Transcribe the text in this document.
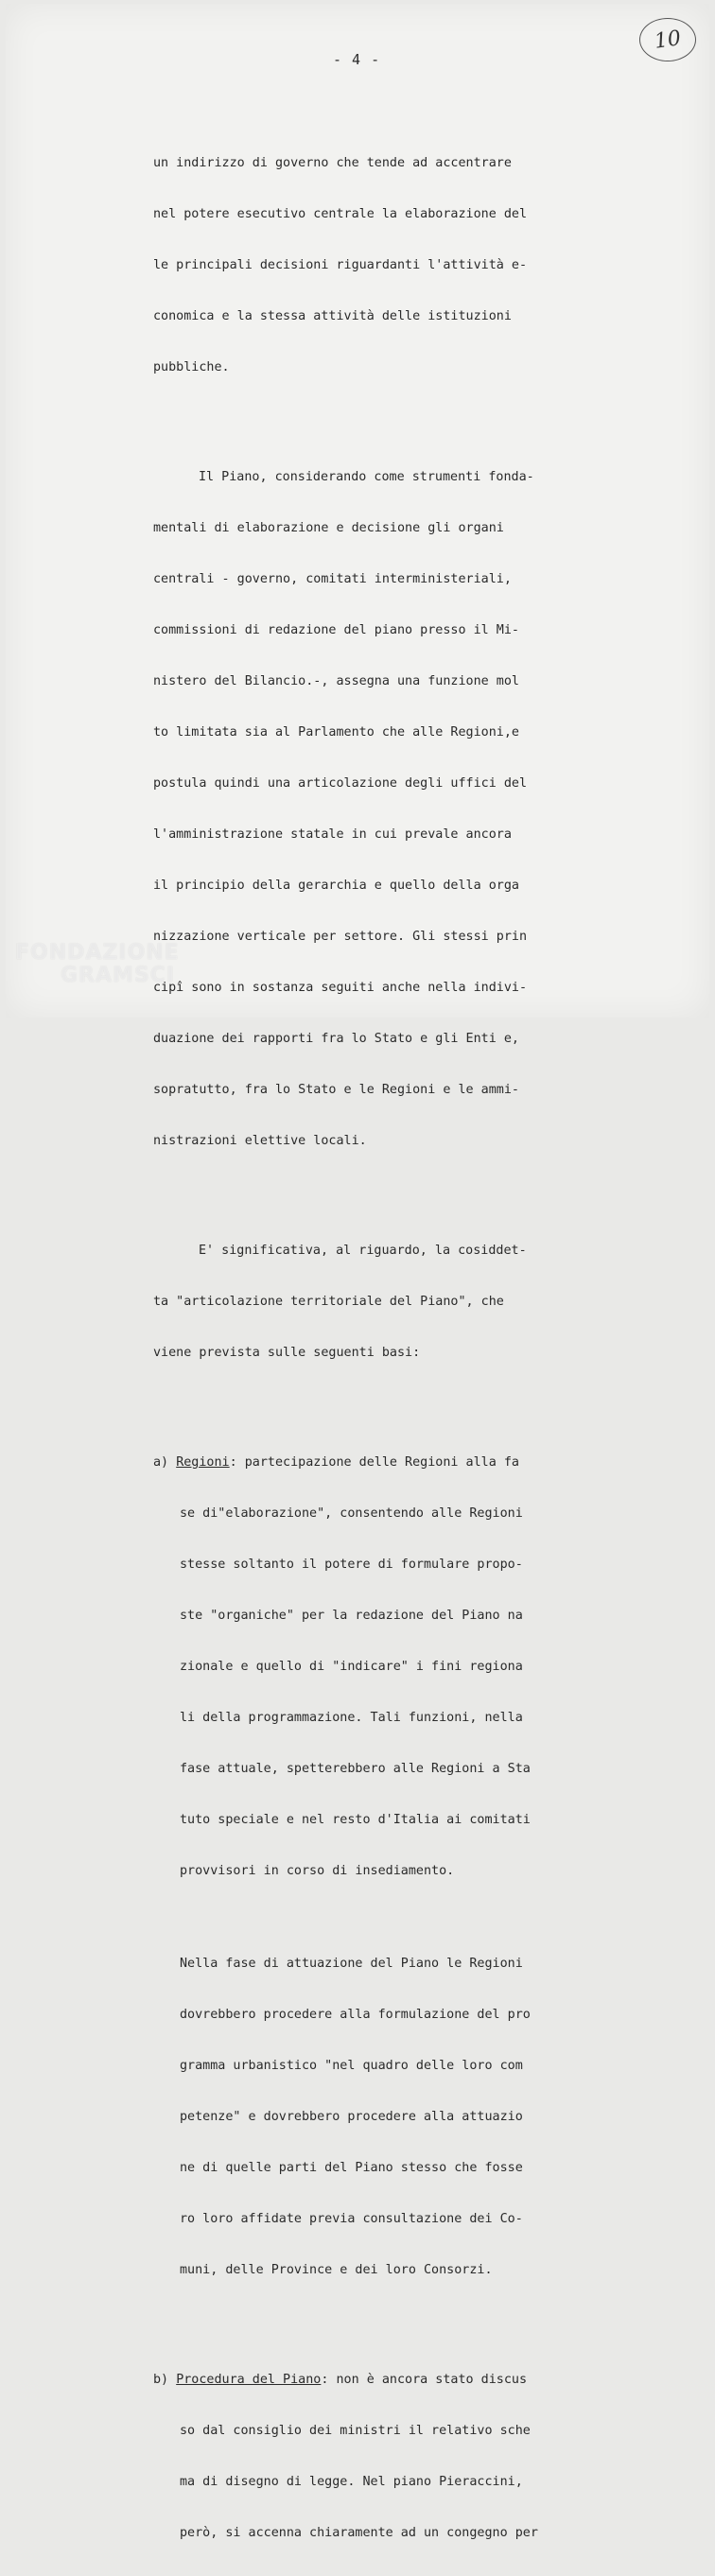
- 4 -
10

un indirizzo di governo che tende ad accentrare

nel potere esecutivo centrale la elaborazione del

le principali decisioni riguardanti l'attività e-

conomica e la stessa attività delle istituzioni

pubbliche.

Il Piano, considerando come strumenti fonda-

mentali di elaborazione e decisione gli organi

centrali - governo, comitati interministeriali,

commissioni di redazione del piano presso il Mi-

nistero del Bilancio.-, assegna una funzione mol

to limitata sia al Parlamento che alle Regioni,e

postula quindi una articolazione degli uffici del

l'amministrazione statale in cui prevale ancora

il principio della gerarchia e quello della orga

nizzazione verticale per settore. Gli stessi prin

cipî sono in sostanza seguiti anche nella indivi-

duazione dei rapporti fra lo Stato e gli Enti e,

sopratutto, fra lo Stato e le Regioni e le ammi-

nistrazioni elettive locali.

E' significativa, al riguardo, la cosiddet-

ta "articolazione territoriale del Piano", che

viene prevista sulle seguenti basi:

a) Regioni: partecipazione delle Regioni alla fa

se di"elaborazione", consentendo alle Regioni

stesse soltanto il potere di formulare propo-

ste "organiche" per la redazione del Piano na

zionale e quello di "indicare" i fini regiona

li della programmazione. Tali funzioni, nella

fase attuale, spetterebbero alle Regioni a Sta

tuto speciale e nel resto d'Italia ai comitati

provvisori in corso di insediamento.

Nella fase di attuazione del Piano le Regioni

dovrebbero procedere alla formulazione del pro

gramma urbanistico "nel quadro delle loro com

petenze" e dovrebbero procedere alla attuazio

ne di quelle parti del Piano stesso che fosse

ro loro affidate previa consultazione dei Co-

muni, delle Province e dei loro Consorzi.

b) Procedura del Piano: non è ancora stato discus

so dal consiglio dei ministri il relativo sche

ma di disegno di legge. Nel piano Pieraccini,

però, si accenna chiaramente ad un congegno per

FONDAZIONE
GRAMSCI
